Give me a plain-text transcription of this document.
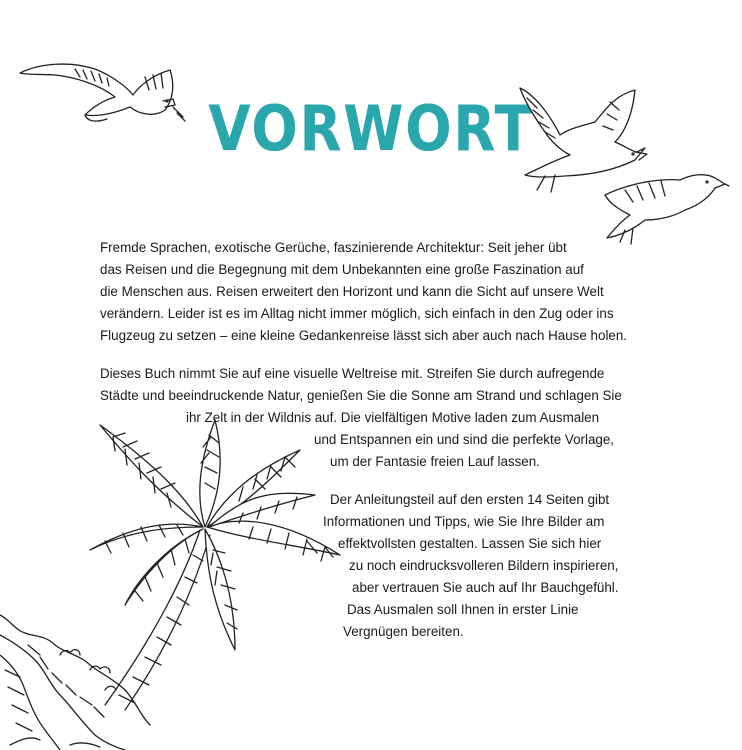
VORWORT
Fremde Sprachen, exotische Gerüche, faszinierende Architektur: Seit jeher übt
das Reisen und die Begegnung mit dem Unbekannten eine große Faszination auf
die Menschen aus. Reisen erweitert den Horizont und kann die Sicht auf unsere Welt
verändern. Leider ist es im Alltag nicht immer möglich, sich einfach in den Zug oder ins
Flugzeug zu setzen – eine kleine Gedankenreise lässt sich aber auch nach Hause holen.
Dieses Buch nimmt Sie auf eine visuelle Weltreise mit. Streifen Sie durch aufregende
Städte und beeindruckende Natur, genießen Sie die Sonne am Strand und schlagen Sie
ihr Zelt in der Wildnis auf. Die vielfältigen Motive laden zum Ausmalen
und Entspannen ein und sind die perfekte Vorlage,
um der Fantasie freien Lauf lassen.
Der Anleitungsteil auf den ersten 14 Seiten gibt
Informationen und Tipps, wie Sie Ihre Bilder am
effektvollsten gestalten. Lassen Sie sich hier
zu noch eindrucksvolleren Bildern inspirieren,
aber vertrauen Sie auch auf Ihr Bauchgefühl.
Das Ausmalen soll Ihnen in erster Linie
Vergnügen bereiten.
